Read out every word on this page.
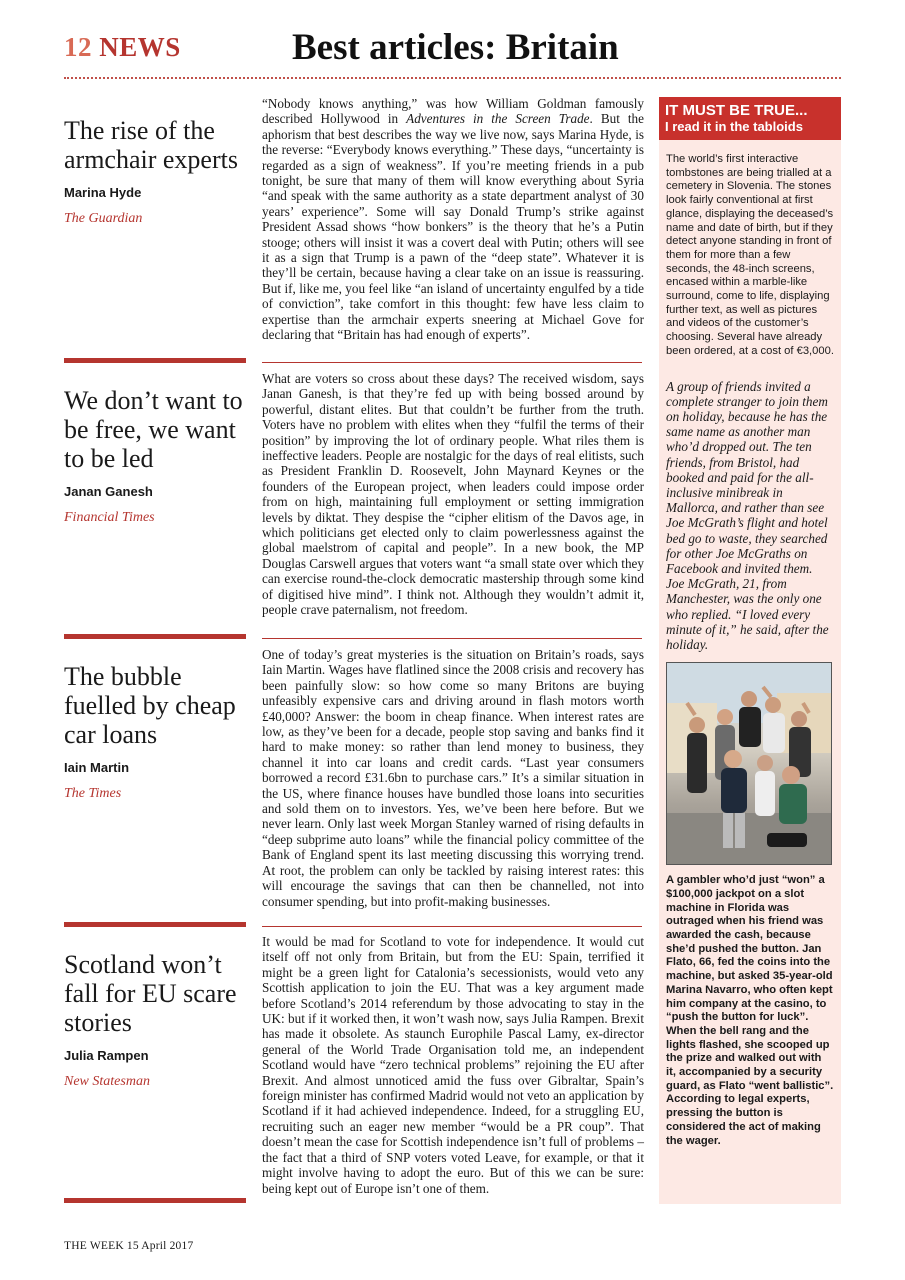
12 NEWS	Best articles: Britain
The rise of the armchair experts
Marina Hyde
The Guardian

“Nobody knows anything,” was how William Goldman famously described Hollywood in Adventures in the Screen Trade. But the aphorism that best describes the way we live now, says Marina Hyde, is the reverse: “Everybody knows everything.” These days, “uncertainty is regarded as a sign of weakness”. If you’re meeting friends in a pub tonight, be sure that many of them will know everything about Syria “and speak with the same authority as a state department analyst of 30 years’ experience”. Some will say Donald Trump’s strike against President Assad shows “how bonkers” is the theory that he’s a Putin stooge; others will insist it was a covert deal with Putin; others will see it as a sign that Trump is a pawn of the “deep state”. Whatever it is they’ll be certain, because having a clear take on an issue is reassuring. But if, like me, you feel like “an island of uncertainty engulfed by a tide of conviction”, take comfort in this thought: few have less claim to expertise than the armchair experts sneering at Michael Gove for declaring that “Britain has had enough of experts”.

We don’t want to be free, we want to be led
Janan Ganesh
Financial Times

What are voters so cross about these days? The received wisdom, says Janan Ganesh, is that they’re fed up with being bossed around by powerful, distant elites. But that couldn’t be further from the truth. Voters have no problem with elites when they “fulfil the terms of their position” by improving the lot of ordinary people. What riles them is ineffective leaders. People are nostalgic for the days of real elitists, such as President Franklin D. Roosevelt, John Maynard Keynes or the founders of the European project, when leaders could impose order from on high, maintaining full employment or setting immigration levels by diktat. They despise the “cipher elitism of the Davos age, in which politicians get elected only to claim powerlessness against the global maelstrom of capital and people”. In a new book, the MP Douglas Carswell argues that voters want “a small state over which they can exercise round-the-clock democratic mastership through some kind of digitised hive mind”. I think not. Although they wouldn’t admit it, people crave paternalism, not freedom.

The bubble fuelled by cheap car loans
Iain Martin
The Times

One of today’s great mysteries is the situation on Britain’s roads, says Iain Martin. Wages have flatlined since the 2008 crisis and recovery has been painfully slow: so how come so many Britons are buying unfeasibly expensive cars and driving around in flash motors worth £40,000? Answer: the boom in cheap finance. When interest rates are low, as they’ve been for a decade, people stop saving and banks find it hard to make money: so rather than lend money to business, they channel it into car loans and credit cards. “Last year consumers borrowed a record £31.6bn to purchase cars.” It’s a similar situation in the US, where finance houses have bundled those loans into securities and sold them on to investors. Yes, we’ve been here before. But we never learn. Only last week Morgan Stanley warned of rising defaults in “deep subprime auto loans” while the financial policy committee of the Bank of England spent its last meeting discussing this worrying trend. At root, the problem can only be tackled by raising interest rates: this will encourage the savings that can then be channelled, not into consumer spending, but into profit-making businesses.

Scotland won’t fall for EU scare stories
Julia Rampen
New Statesman

It would be mad for Scotland to vote for independence. It would cut itself off not only from Britain, but from the EU: Spain, terrified it might be a green light for Catalonia’s secessionists, would veto any Scottish application to join the EU. That was a key argument made before Scotland’s 2014 referendum by those advocating to stay in the UK: but if it worked then, it won’t wash now, says Julia Rampen. Brexit has made it obsolete. As staunch Europhile Pascal Lamy, ex-director general of the World Trade Organisation told me, an independent Scotland would have “zero technical problems” rejoining the EU after Brexit. And almost unnoticed amid the fuss over Gibraltar, Spain’s foreign minister has confirmed Madrid would not veto an application by Scotland if it had achieved independence. Indeed, for a struggling EU, recruiting such an eager new member “would be a PR coup”. That doesn’t mean the case for Scottish independence isn’t full of problems – the fact that a third of SNP voters voted Leave, for example, or that it might involve having to adopt the euro. But of this we can be sure: being kept out of Europe isn’t one of them.

IT MUST BE TRUE...
I read it in the tabloids
The world’s first interactive tombstones are being trialled at a cemetery in Slovenia. The stones look fairly conventional at first glance, displaying the deceased’s name and date of birth, but if they detect anyone standing in front of them for more than a few seconds, the 48-inch screens, encased within a marble-like surround, come to life, displaying further text, as well as pictures and videos of the customer’s choosing. Several have already been ordered, at a cost of €3,000.
A group of friends invited a complete stranger to join them on holiday, because he has the same name as another man who’d dropped out. The ten friends, from Bristol, had booked and paid for the all-inclusive minibreak in Mallorca, and rather than see Joe McGrath’s flight and hotel bed go to waste, they searched for other Joe McGraths on Facebook and invited them. Joe McGrath, 21, from Manchester, was the only one who replied. “I loved every minute of it,” he said, after the holiday.
A gambler who’d just “won” a $100,000 jackpot on a slot machine in Florida was outraged when his friend was awarded the cash, because she’d pushed the button. Jan Flato, 66, fed the coins into the machine, but asked 35-year-old Marina Navarro, who often kept him company at the casino, to “push the button for luck”. When the bell rang and the lights flashed, she scooped up the prize and walked out with it, accompanied by a security guard, as Flato “went ballistic”. According to legal experts, pressing the button is considered the act of making the wager.
THE WEEK 15 April 2017
